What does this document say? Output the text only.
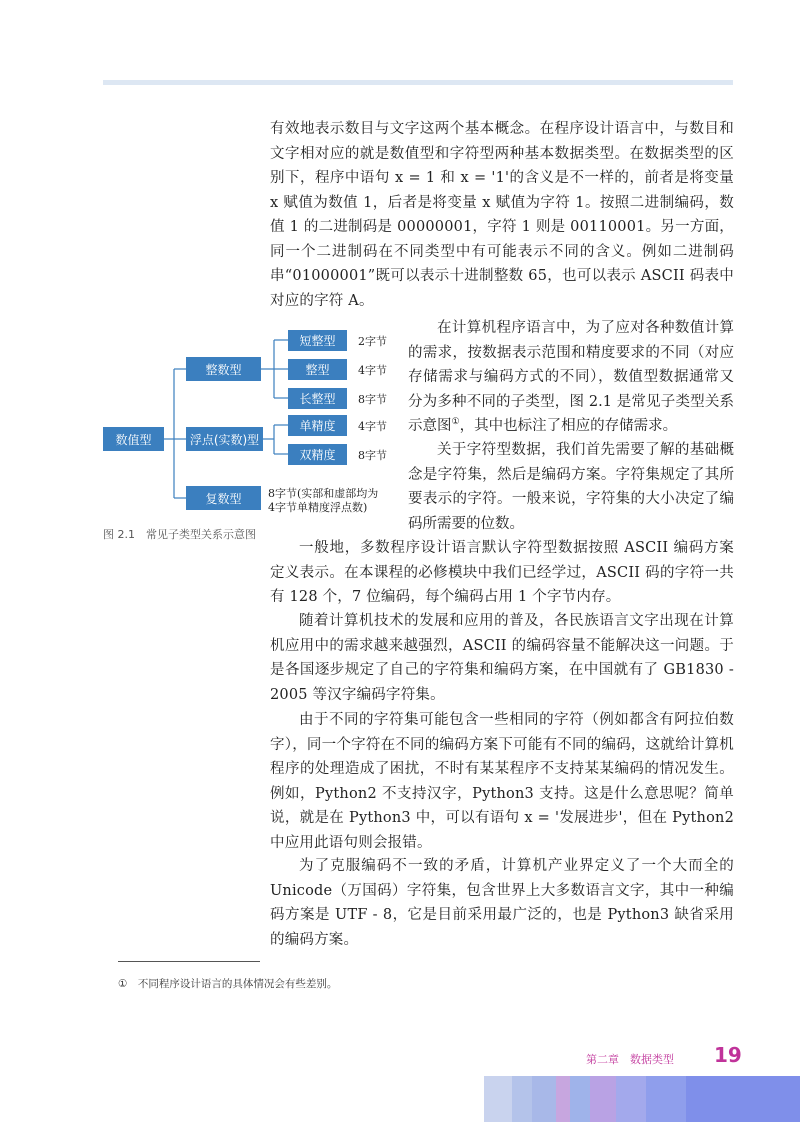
有效地表示数目与文字这两个基本概念。在程序设计语言中，与数目和文字相对应的就是数值型和字符型两种基本数据类型。在数据类型的区别下，程序中语句 x = 1 和 x = '1'的含义是不一样的，前者是将变量 x 赋值为数值 1，后者是将变量 x 赋值为字符 1。按照二进制编码，数值 1 的二进制码是 00000001，字符 1 则是 00110001。另一方面，同一个二进制码在不同类型中有可能表示不同的含义。例如二进制码串“01000001”既可以表示十进制整数 65，也可以表示 ASCII 码表中对应的字符 A。

在计算机程序语言中，为了应对各种数值计算的需求，按数据表示范围和精度要求的不同（对应存储需求与编码方式的不同），数值型数据通常又分为多种不同的子类型，图 2.1 是常见子类型关系示意图①，其中也标注了相应的存储需求。

关于字符型数据，我们首先需要了解的基础概念是字符集，然后是编码方案。字符集规定了其所要表示的字符。一般来说，字符集的大小决定了编码所需要的位数。

一般地，多数程序设计语言默认字符型数据按照 ASCII 编码方案定义表示。在本课程的必修模块中我们已经学过，ASCII 码的字符一共有 128 个，7 位编码，每个编码占用 1 个字节内存。

随着计算机技术的发展和应用的普及，各民族语言文字出现在计算机应用中的需求越来越强烈，ASCII 的编码容量不能解决这一问题。于是各国逐步规定了自己的字符集和编码方案，在中国就有了 GB1830 - 2005 等汉字编码字符集。

由于不同的字符集可能包含一些相同的字符（例如都含有阿拉伯数字），同一个字符在不同的编码方案下可能有不同的编码，这就给计算机程序的处理造成了困扰，不时有某某程序不支持某某编码的情况发生。例如，Python2 不支持汉字，Python3 支持。这是什么意思呢？简单说，就是在 Python3 中，可以有语句 x = '发展进步'，但在 Python2 中应用此语句则会报错。

为了克服编码不一致的矛盾，计算机产业界定义了一个大而全的 Unicode（万国码）字符集，包含世界上大多数语言文字，其中一种编码方案是 UTF - 8，它是目前采用最广泛的，也是 Python3 缺省采用的编码方案。

数值型
整数型
浮点(实数)型
复数型
短整型
整型
长整型
单精度
双精度
2字节
4字节
8字节
4字节
8字节
8字节(实部和虚部均为
4字节单精度浮点数)
图 2.1　常见子类型关系示意图
①　不同程序设计语言的具体情况会有些差别。
第二章　数据类型 19
